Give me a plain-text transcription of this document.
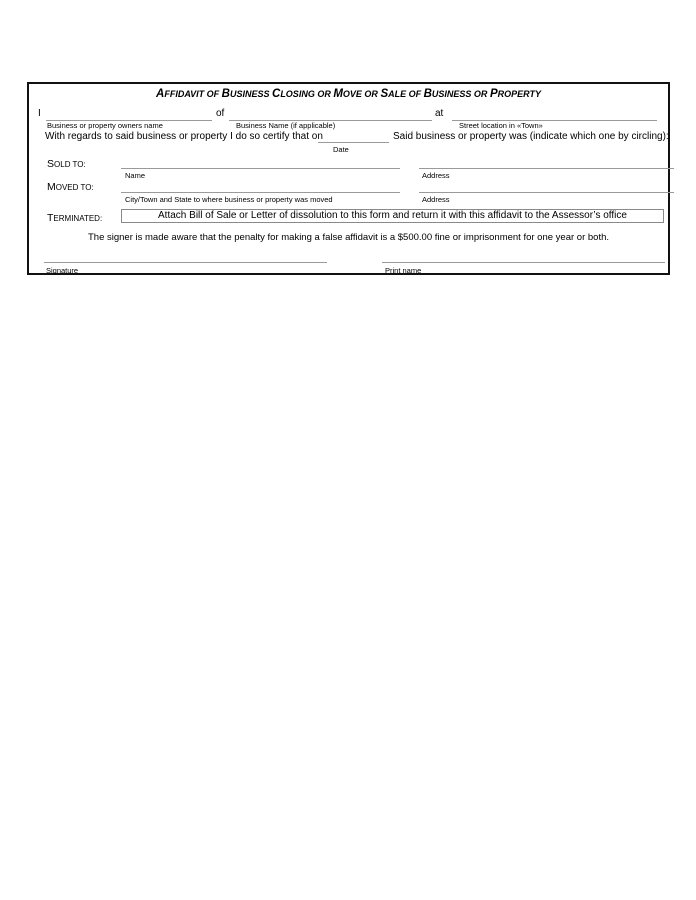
AFFIDAVIT OF BUSINESS CLOSING OR MOVE OR SALE OF BUSINESS OR PROPERTY
I	of	at
Business or property owners name	Business Name (if applicable)	Street location in «Town»
With regards to said business or property I do so certify that on
Date
Said business or property was (indicate which one by circling):
SOLD TO:
Name	Address
MOVED TO:
City/Town and State to where business or property was moved	Address
TERMINATED:	Attach Bill of Sale or Letter of dissolution to this form and return it with this affidavit to the Assessor’s office
The signer is made aware that the penalty for making a false affidavit is a $500.00 fine or imprisonment for one year or both.
Signature	Print name
